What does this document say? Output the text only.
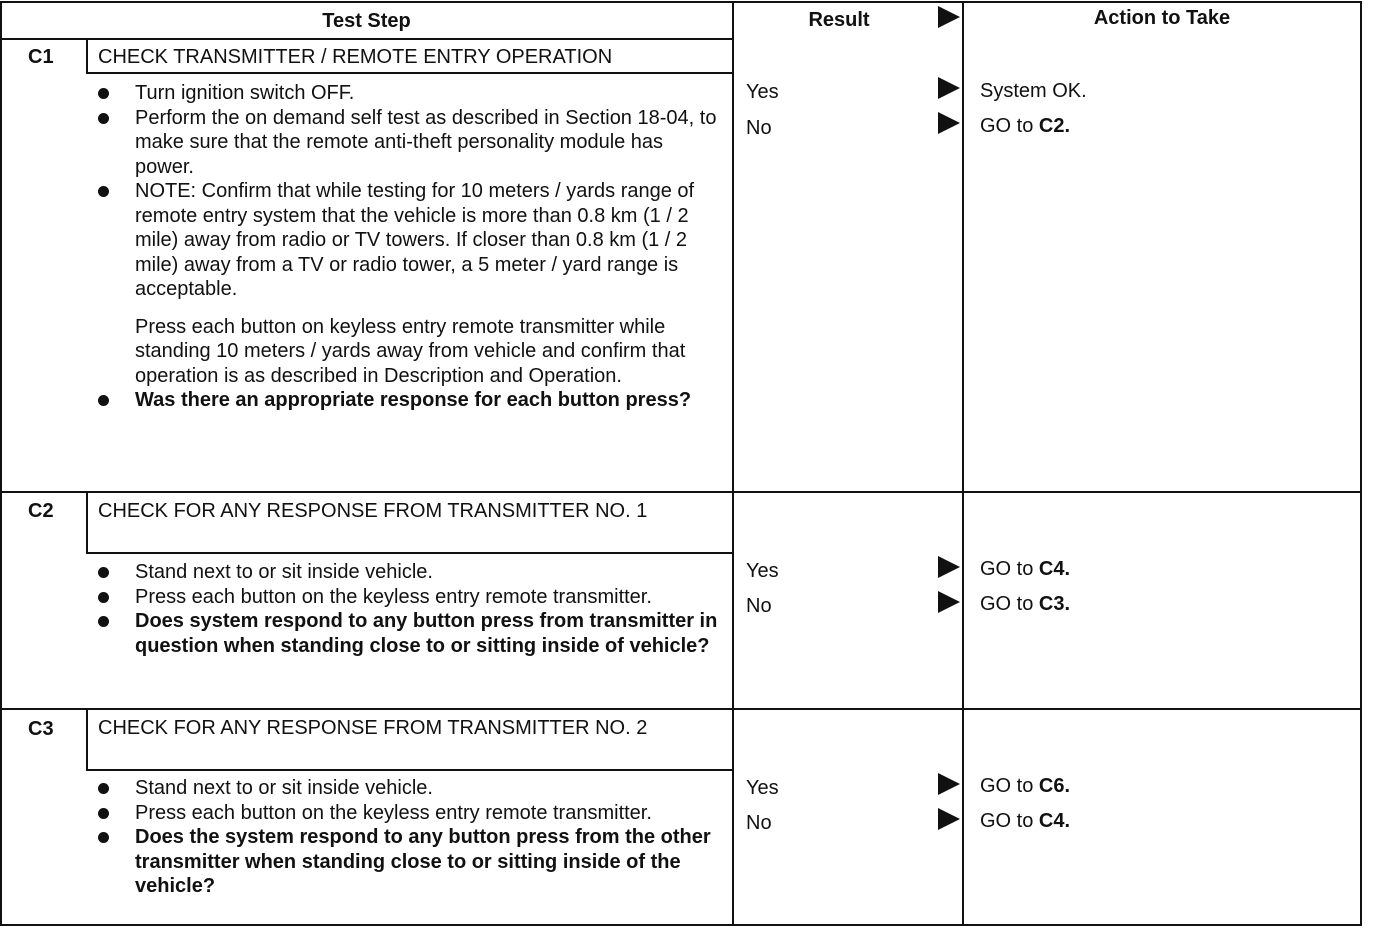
Test Step	Result	Action to Take
C1 CHECK TRANSMITTER / REMOTE ENTRY OPERATION
Turn ignition switch OFF.
Perform the on demand self test as described in Section 18-04, to make sure that the remote anti-theft personality module has power.
NOTE: Confirm that while testing for 10 meters / yards range of remote entry system that the vehicle is more than 0.8 km (1 / 2 mile) away from radio or TV towers. If closer than 0.8 km (1 / 2 mile) away from a TV or radio tower, a 5 meter / yard range is acceptable.
Press each button on keyless entry remote transmitter while standing 10 meters / yards away from vehicle and confirm that operation is as described in Description and Operation.
Was there an appropriate response for each button press?
Yes	System OK.
No	GO to C2.
C2 CHECK FOR ANY RESPONSE FROM TRANSMITTER NO. 1
Stand next to or sit inside vehicle.
Press each button on the keyless entry remote transmitter.
Does system respond to any button press from transmitter in question when standing close to or sitting inside of vehicle?
Yes	GO to C4.
No	GO to C3.
C3 CHECK FOR ANY RESPONSE FROM TRANSMITTER NO. 2
Stand next to or sit inside vehicle.
Press each button on the keyless entry remote transmitter.
Does the system respond to any button press from the other transmitter when standing close to or sitting inside of the vehicle?
Yes	GO to C6.
No	GO to C4.
